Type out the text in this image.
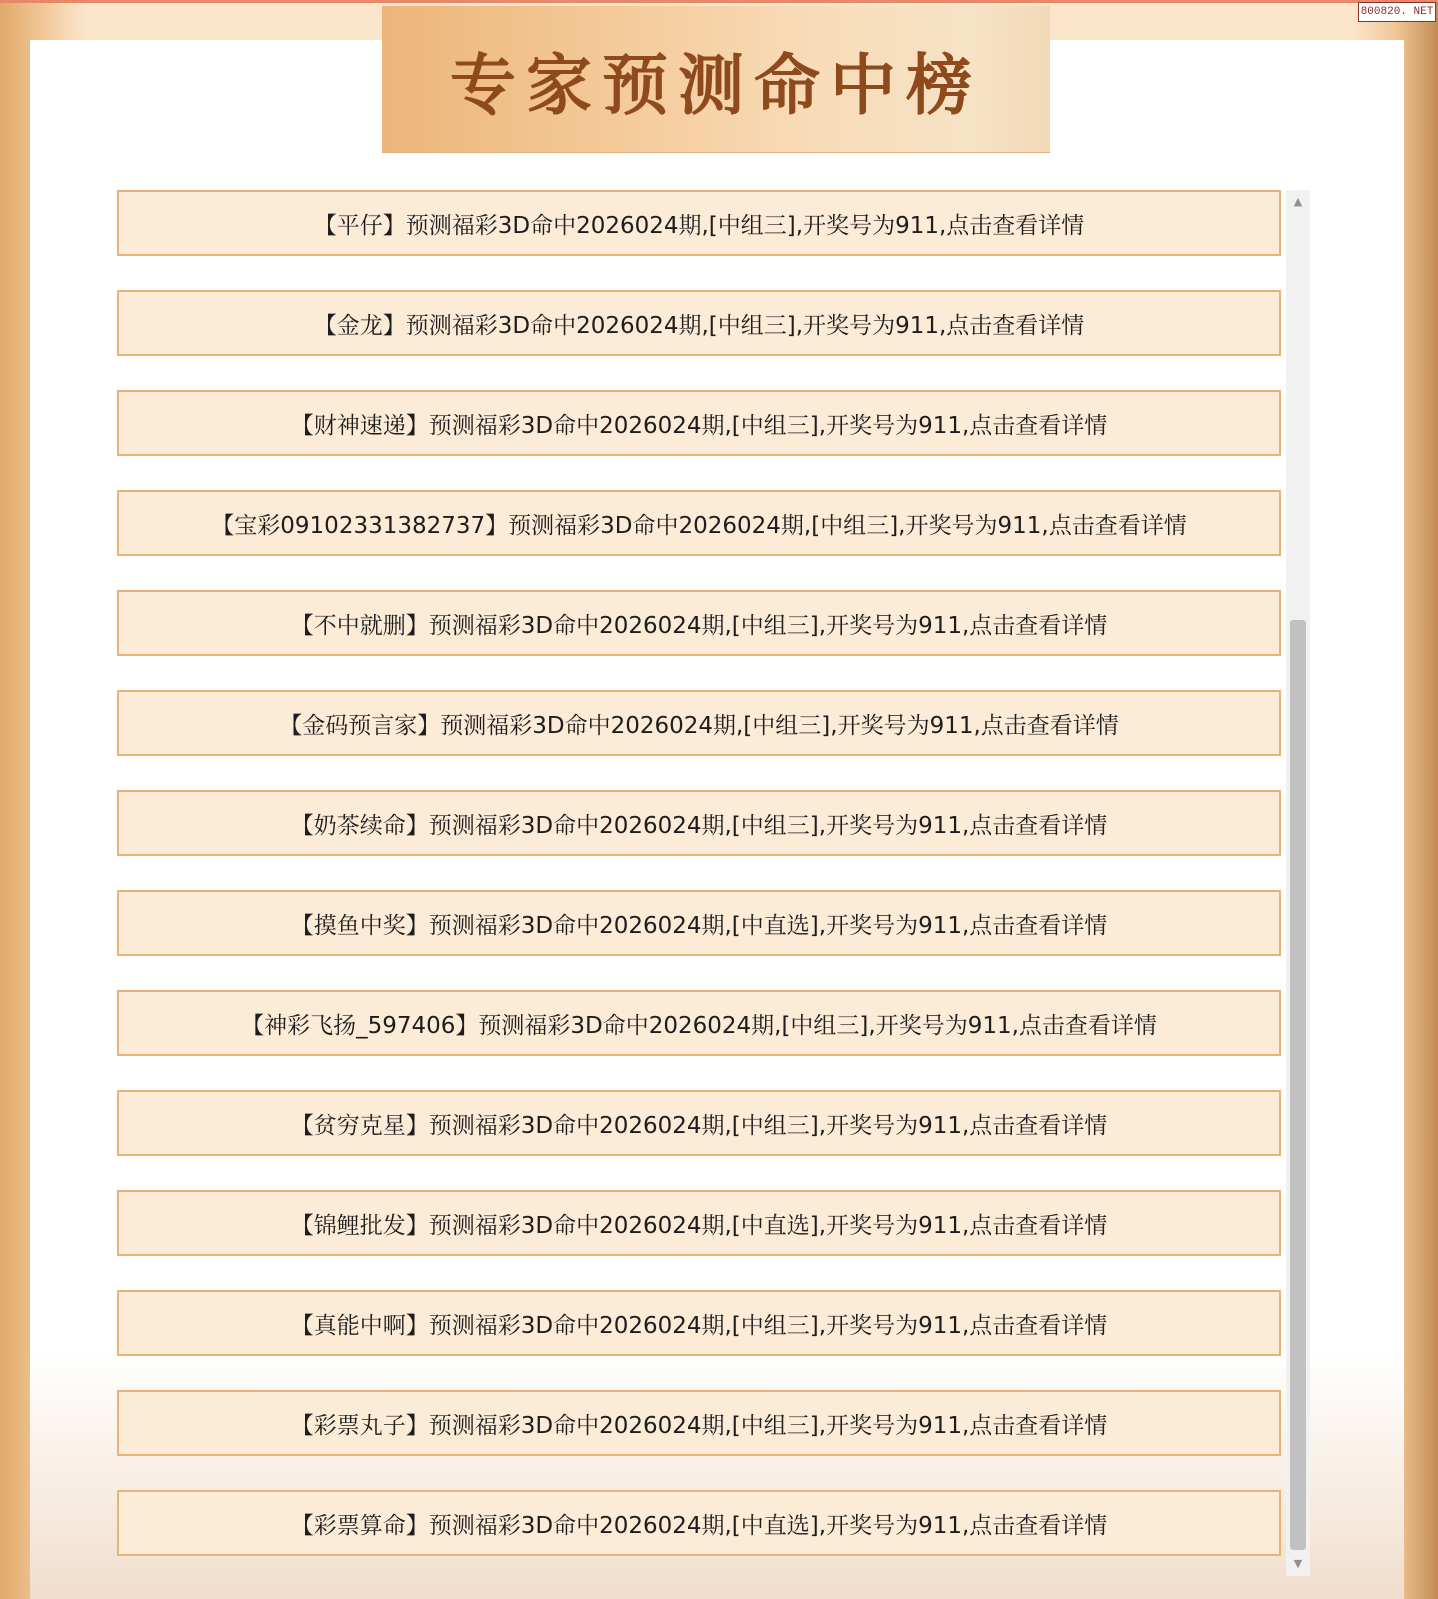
800820. NET
专家预测命中榜
【平仔】预测福彩3D命中2026024期,[中组三],开奖号为911,点击查看详情
【金龙】预测福彩3D命中2026024期,[中组三],开奖号为911,点击查看详情
【财神速递】预测福彩3D命中2026024期,[中组三],开奖号为911,点击查看详情
【宝彩09102331382737】预测福彩3D命中2026024期,[中组三],开奖号为911,点击查看详情
【不中就删】预测福彩3D命中2026024期,[中组三],开奖号为911,点击查看详情
【金码预言家】预测福彩3D命中2026024期,[中组三],开奖号为911,点击查看详情
【奶茶续命】预测福彩3D命中2026024期,[中组三],开奖号为911,点击查看详情
【摸鱼中奖】预测福彩3D命中2026024期,[中直选],开奖号为911,点击查看详情
【神彩飞扬_597406】预测福彩3D命中2026024期,[中组三],开奖号为911,点击查看详情
【贫穷克星】预测福彩3D命中2026024期,[中组三],开奖号为911,点击查看详情
【锦鲤批发】预测福彩3D命中2026024期,[中直选],开奖号为911,点击查看详情
【真能中啊】预测福彩3D命中2026024期,[中组三],开奖号为911,点击查看详情
【彩票丸子】预测福彩3D命中2026024期,[中组三],开奖号为911,点击查看详情
【彩票算命】预测福彩3D命中2026024期,[中直选],开奖号为911,点击查看详情
▲
▼
